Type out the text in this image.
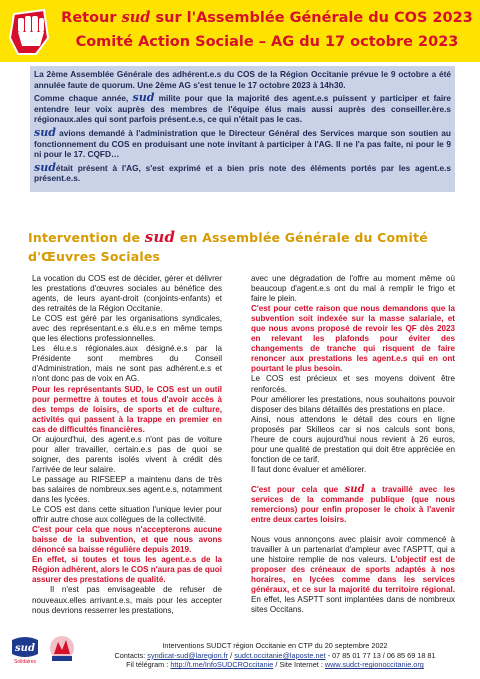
Retour sud sur l'Assemblée Générale du COS 2023
Comité Action Sociale – AG du 17 octobre 2023

La 2ème Assemblée Générale des adhérent.e.s du COS de la Région Occitanie prévue le 9 octobre a été annulée faute de quorum. Une 2ème AG s'est tenue le 17 octobre 2023 à 14h30.

Comme chaque année, sud milite pour que la majorité des agent.e.s puissent y participer et faire entendre leur voix auprès des membres de l'équipe élus mais aussi auprès des conseiller.ère.s régionaux.ales qui sont parfois présent.e.s, ce qui n'était pas le cas.

sud avions demandé à l'administration que le Directeur Général des Services marque son soutien au fonctionnement du COS en produisant une note invitant à participer à l'AG. Il ne l'a pas faite, ni pour le 9 ni pour le 17. CQFD…

sudétait présent à l'AG, s'est exprimé et a bien pris note des éléments portés par les agent.e.s présent.e.s.

Intervention de sud en Assemblée Générale du Comité d'Œuvres Sociales

La vocation du COS est de décider, gérer et délivrer les prestations d'œuvres sociales au bénéfice des agents, de leurs ayant-droit (conjoints-enfants) et des retraités de la Région Occitanie.

Le COS est géré par les organisations syndicales, avec des représentant.e.s élu.e.s en même temps que les élections professionnelles.

Les élu.e.s régionales.aux désigné.e.s par la Présidente sont membres du Conseil d'Administration, mais ne sont pas adhérent.e.s et n'ont donc pas de voix en AG.

Pour les représentants SUD, le COS est un outil pour permettre à toutes et tous d'avoir accès à des temps de loisirs, de sports et de culture, activités qui passent à la trappe en premier en cas de difficultés financières.

Or aujourd'hui, des agent.e.s n'ont pas de voiture pour aller travailler, certain.e.s pas de quoi se soigner, des parents isolés vivent à crédit dès l'arrivée de leur salaire.

Le passage au RIFSEEP a maintenu dans de très bas salaires de nombreux.ses agent.e.s, notamment dans les lycées.

Le COS est dans cette situation l'unique levier pour offrir autre chose aux collègues de la collectivité.

C'est pour cela que nous n'accepterons aucune baisse de la subvention, et que nous avons dénoncé sa baisse régulière depuis 2019.

En effet, si toutes et tous les agent.e.s de la Région adhérent, alors le COS n'aura pas de quoi assurer des prestations de qualité.

Il n'est pas envisageable de refuser de nouveaux.elles arrivant.e.s, mais pour les accepter nous devrions resserrer les prestations,

avec une dégradation de l'offre au moment même où beaucoup d'agent.e.s ont du mal à remplir le frigo et faire le plein.

C'est pour cette raison que nous demandons que la subvention soit indexée sur la masse salariale, et que nous avons proposé de revoir les QF dès 2023 en relevant les plafonds pour éviter des changements de tranche qui risquent de faire renoncer aux prestations les agent.e.s qui en ont pourtant le plus besoin.

Le COS est précieux et ses moyens doivent être renforcés.

Pour améliorer les prestations, nous souhaitons pouvoir disposer des bilans détaillés des prestations en place.

Ainsi, nous attendons le détail des cours en ligne proposés par Skilleos car si nos calculs sont bons, l'heure de cours aujourd'hui nous revient à 26 euros, pour une qualité de prestation qui doit être appréciée en fonction de ce tarif.

Il faut donc évaluer et améliorer.

C'est pour cela que sud a travaillé avec les services de la commande publique (que nous remercions) pour enfin proposer le choix à l'avenir entre deux cartes loisirs.

Nous vous annonçons avec plaisir avoir commencé à travailler à un partenariat d'ampleur avec l'ASPTT, qui a une histoire remplie de nos valeurs. L'objectif est de proposer des créneaux de sports adaptés à nos horaires, en lycées comme dans les services généraux, et ce sur la majorité du territoire régional. En effet, les ASPTT sont implantées dans de nombreux sites Occitans.

sud
Solidaires
Interventions SUDCT région Occitanie en CTP du 20 septembre 2022
Contacts: syndicat-sud@laregion.fr / sudct.occitanie@laposte.net - 07 85 01 77 13 / 06 85 69 18 81
Fil télégram : http://t.me/InfoSUDCROccitanie / Site Internet : www.sudct-regionoccitanie.org
